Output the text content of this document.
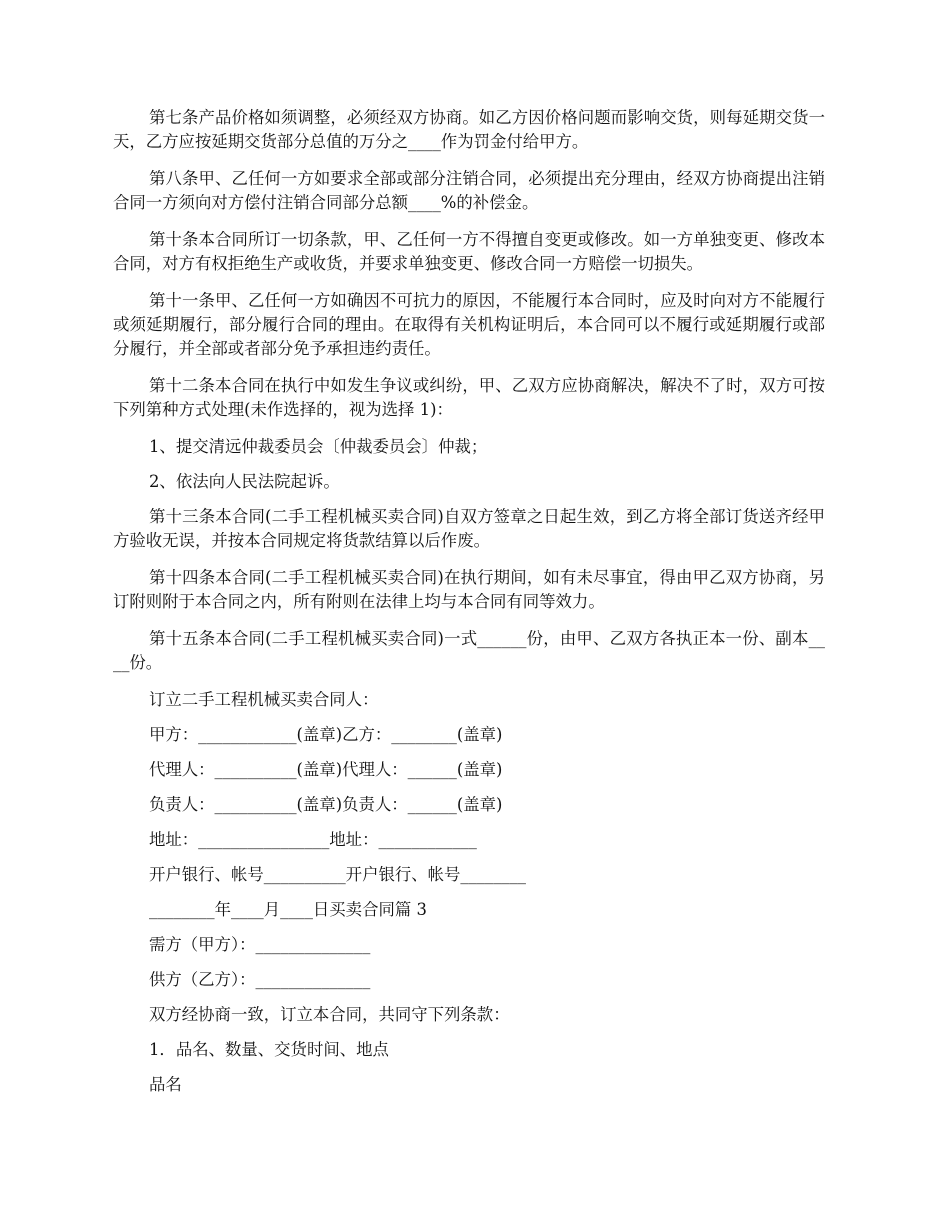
第七条产品价格如须调整，必须经双方协商。如乙方因价格问题而影响交货，则每延期交货一天，乙方应按延期交货部分总值的万分之____作为罚金付给甲方。

第八条甲、乙任何一方如要求全部或部分注销合同，必须提出充分理由，经双方协商提出注销合同一方须向对方偿付注销合同部分总额____%的补偿金。

第十条本合同所订一切条款，甲、乙任何一方不得擅自变更或修改。如一方单独变更、修改本合同，对方有权拒绝生产或收货，并要求单独变更、修改合同一方赔偿一切损失。

第十一条甲、乙任何一方如确因不可抗力的原因，不能履行本合同时，应及时向对方不能履行或须延期履行，部分履行合同的理由。在取得有关机构证明后，本合同可以不履行或延期履行或部分履行，并全部或者部分免予承担违约责任。

第十二条本合同在执行中如发生争议或纠纷，甲、乙双方应协商解决，解决不了时，双方可按下列第种方式处理(未作选择的，视为选择 1)：

1、提交清远仲裁委员会〔仲裁委员会〕仲裁；

2、依法向人民法院起诉。

第十三条本合同(二手工程机械买卖合同)自双方签章之日起生效，到乙方将全部订货送齐经甲方验收无误，并按本合同规定将货款结算以后作废。

第十四条本合同(二手工程机械买卖合同)在执行期间，如有未尽事宜，得由甲乙双方协商，另订附则附于本合同之内，所有附则在法律上均与本合同有同等效力。

第十五条本合同(二手工程机械买卖合同)一式______份，由甲、乙双方各执正本一份、副本____份。

订立二手工程机械买卖合同人：

甲方：____________(盖章)乙方：________(盖章)

代理人：__________(盖章)代理人：______(盖章)

负责人：__________(盖章)负责人：______(盖章)

地址：________________地址：____________

开户银行、帐号__________开户银行、帐号________

________年____月____日买卖合同篇 3

需方（甲方）：______________

供方（乙方）：______________

双方经协商一致，订立本合同，共同守下列条款：

1．品名、数量、交货时间、地点

品名
